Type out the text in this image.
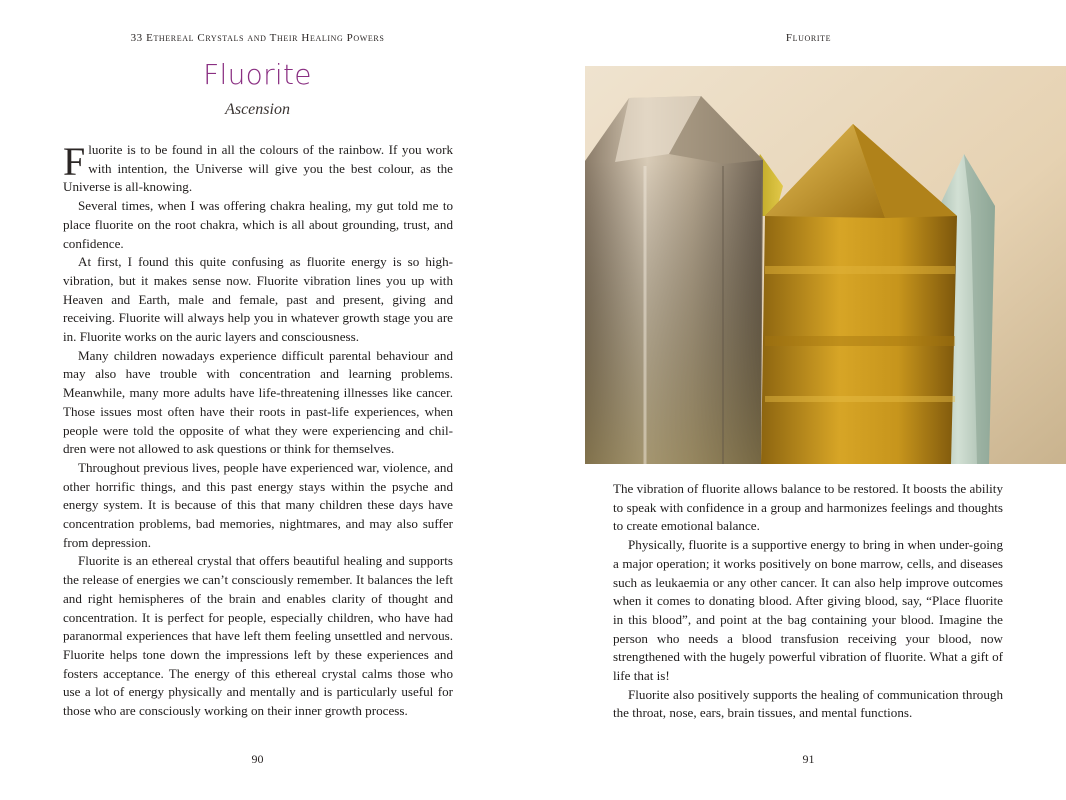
33 Ethereal Crystals and Their Healing Powers
Fluorite
Ascension

Fluorite is to be found in all the colours of the rainbow. If you work with intention, the Universe will give you the best colour, as the Universe is all-knowing.

Several times, when I was offering chakra healing, my gut told me to place fluorite on the root chakra, which is all about grounding, trust, and confidence.

At first, I found this quite confusing as fluorite energy is so high-vibration, but it makes sense now. Fluorite vibration lines you up with Heaven and Earth, male and female, past and present, giving and receiving. Fluorite will always help you in whatever growth stage you are in. Fluorite works on the auric layers and consciousness.

Many children nowadays experience difficult parental behaviour and may also have trouble with concentration and learning problems. Meanwhile, many more adults have life-threatening illnesses like cancer. Those issues most often have their roots in past-life experiences, when people were told the opposite of what they were experiencing and chil-dren were not allowed to ask questions or think for themselves.

Throughout previous lives, people have experienced war, violence, and other horrific things, and this past energy stays within the psyche and energy system. It is because of this that many children these days have concentration problems, bad memories, nightmares, and may also suffer from depression.

Fluorite is an ethereal crystal that offers beautiful healing and supports the release of energies we can’t consciously remember. It balances the left and right hemispheres of the brain and enables clarity of thought and concentration. It is perfect for people, especially children, who have had paranormal experiences that have left them feeling unsettled and nervous. Fluorite helps tone down the impressions left by these experiences and fosters acceptance. The energy of this ethereal crystal calms those who use a lot of energy physically and mentally and is particularly useful for those who are consciously working on their inner growth process.

90
Fluorite

The vibration of fluorite allows balance to be restored. It boosts the ability to speak with confidence in a group and harmonizes feelings and thoughts to create emotional balance.

Physically, fluorite is a supportive energy to bring in when under-going a major operation; it works positively on bone marrow, cells, and diseases such as leukaemia or any other cancer. It can also help improve outcomes when it comes to donating blood. After giving blood, say, “Place fluorite in this blood”, and point at the bag containing your blood. Imagine the person who needs a blood transfusion receiving your blood, now strengthened with the hugely powerful vibration of fluorite. What a gift of life that is!

Fluorite also positively supports the healing of communication through the throat, nose, ears, brain tissues, and mental functions.

91
